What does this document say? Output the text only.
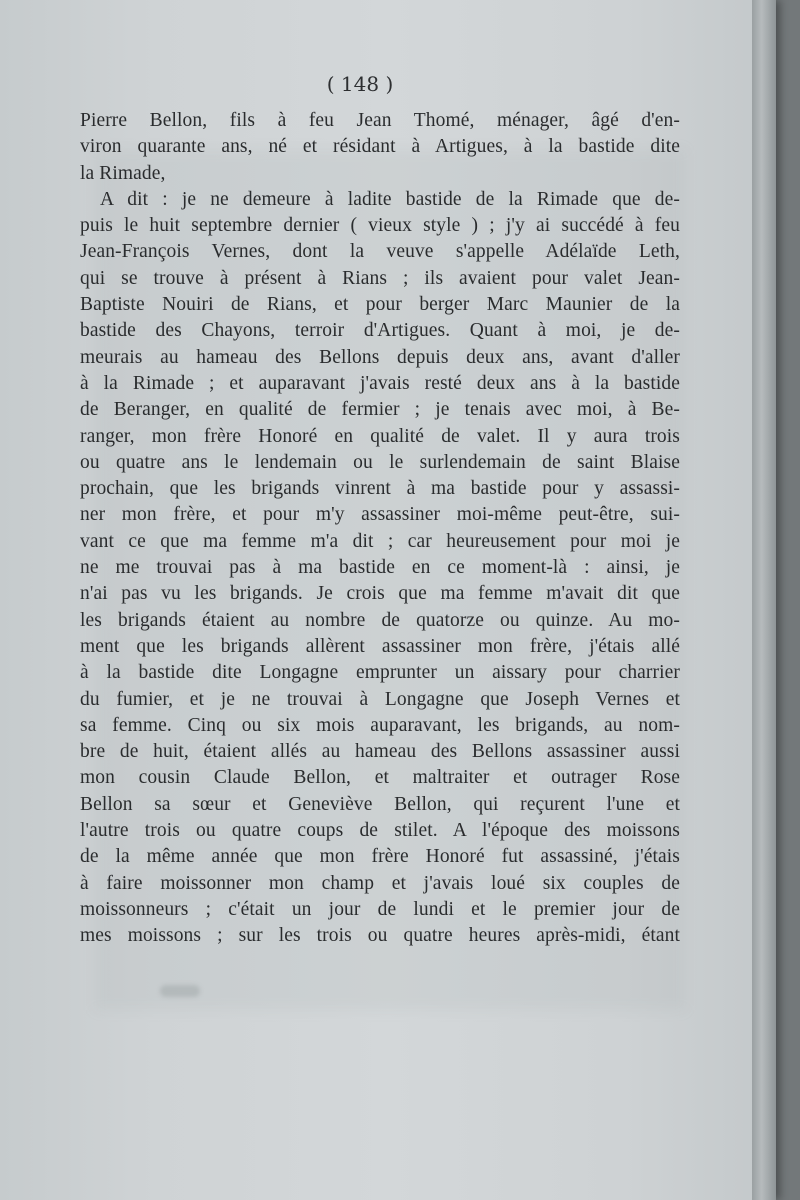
( 148 )
Pierre Bellon, fils à feu Jean Thomé, ménager, âgé d'en-
viron quarante ans, né et résidant à Artigues, à la bastide dite
la Rimade,
A dit : je ne demeure à ladite bastide de la Rimade que de-
puis le huit septembre dernier ( vieux style ) ; j'y ai succédé à feu
Jean-François Vernes, dont la veuve s'appelle Adélaïde Leth,
qui se trouve à présent à Rians ; ils avaient pour valet Jean-
Baptiste Nouiri de Rians, et pour berger Marc Maunier de la
bastide des Chayons, terroir d'Artigues. Quant à moi, je de-
meurais au hameau des Bellons depuis deux ans, avant d'aller
à la Rimade ; et auparavant j'avais resté deux ans à la bastide
de Beranger, en qualité de fermier ; je tenais avec moi, à Be-
ranger, mon frère Honoré en qualité de valet. Il y aura trois
ou quatre ans le lendemain ou le surlendemain de saint Blaise
prochain, que les brigands vinrent à ma bastide pour y assassi-
ner mon frère, et pour m'y assassiner moi-même peut-être, sui-
vant ce que ma femme m'a dit ; car heureusement pour moi je
ne me trouvai pas à ma bastide en ce moment-là : ainsi, je
n'ai pas vu les brigands. Je crois que ma femme m'avait dit que
les brigands étaient au nombre de quatorze ou quinze. Au mo-
ment que les brigands allèrent assassiner mon frère, j'étais allé
à la bastide dite Longagne emprunter un aissary pour charrier
du fumier, et je ne trouvai à Longagne que Joseph Vernes et
sa femme. Cinq ou six mois auparavant, les brigands, au nom-
bre de huit, étaient allés au hameau des Bellons assassiner aussi
mon cousin Claude Bellon, et maltraiter et outrager Rose
Bellon sa sœur et Geneviève Bellon, qui reçurent l'une et
l'autre trois ou quatre coups de stilet. A l'époque des moissons
de la même année que mon frère Honoré fut assassiné, j'étais
à faire moissonner mon champ et j'avais loué six couples de
moissonneurs ; c'était un jour de lundi et le premier jour de
mes moissons ; sur les trois ou quatre heures après-midi, étant
